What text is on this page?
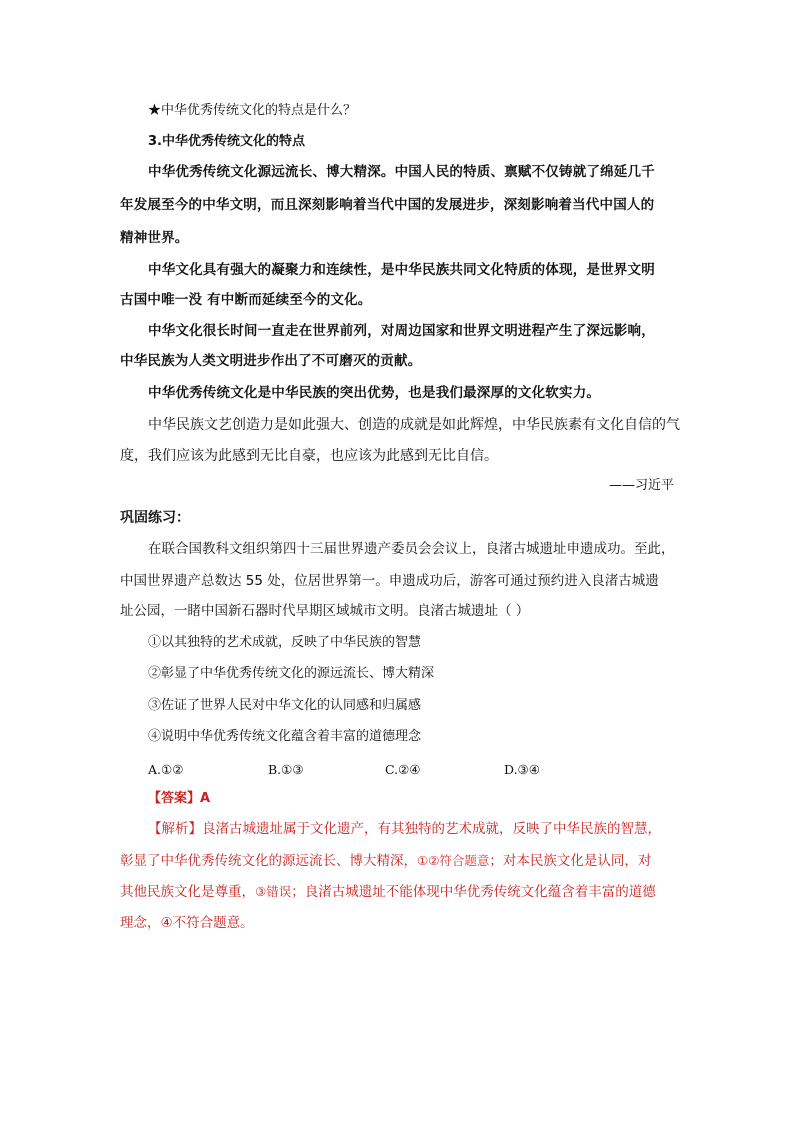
★中华优秀传统文化的特点是什么？
3.中华优秀传统文化的特点
中华优秀传统文化源远流长、博大精深。中国人民的特质、禀赋不仅铸就了绵延几千
年发展至今的中华文明，而且深刻影响着当代中国的发展进步，深刻影响着当代中国人的
精神世界。
中华文化具有强大的凝聚力和连续性，是中华民族共同文化特质的体现，是世界文明
古国中唯一没 有中断而延续至今的文化。
中华文化很长时间一直走在世界前列，对周边国家和世界文明进程产生了深远影响，
中华民族为人类文明进步作出了不可磨灭的贡献。
中华优秀传统文化是中华民族的突出优势，也是我们最深厚的文化软实力。
中华民族文艺创造力是如此强大、创造的成就是如此辉煌，中华民族素有文化自信的气
度，我们应该为此感到无比自豪，也应该为此感到无比自信。
——习近平
巩固练习：
在联合国教科文组织第四十三届世界遗产委员会会议上，良渚古城遗址申遗成功。至此，
中国世界遗产总数达 55 处，位居世界第一。申遗成功后，游客可通过预约进入良渚古城遗
址公园，一睹中国新石器时代早期区域城市文明。良渚古城遗址（ ）
①以其独特的艺术成就，反映了中华民族的智慧
②彰显了中华优秀传统文化的源远流长、博大精深
③佐证了世界人民对中华文化的认同感和归属感
④说明中华优秀传统文化蕴含着丰富的道德理念
A.①②	B.①③	C.②④	D.③④
【答案】A
【解析】良渚古城遗址属于文化遗产，有其独特的艺术成就，反映了中华民族的智慧，
彰显了中华优秀传统文化的源远流长、博大精深，①②符合题意；对本民族文化是认同，对
其他民族文化是尊重，③错误；良渚古城遗址不能体现中华优秀传统文化蕴含着丰富的道德
理念，④不符合题意。
